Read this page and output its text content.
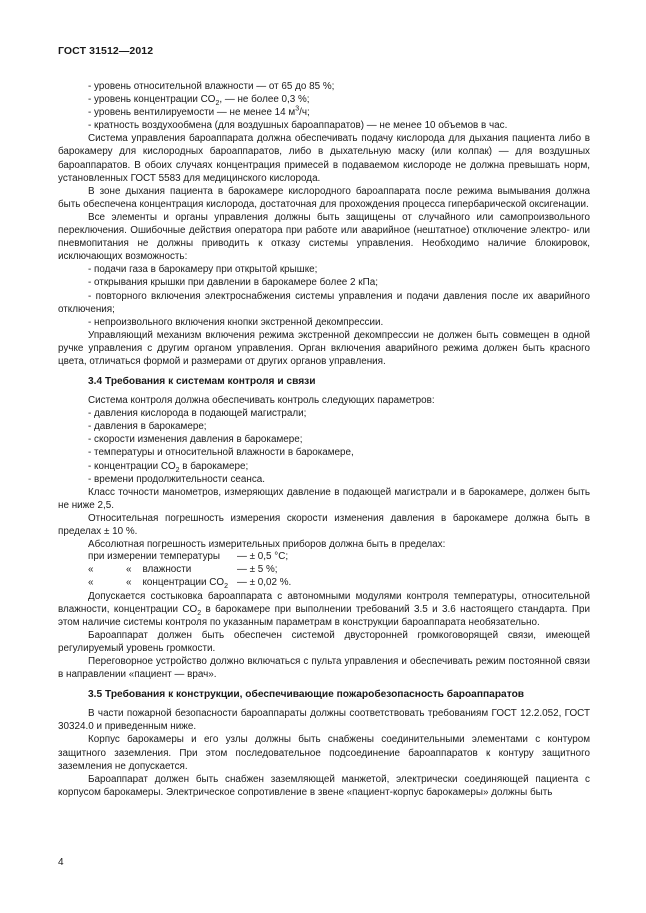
ГОСТ 31512—2012

- уровень относительной влажности — от 65 до 85 %;

- уровень концентрации $CO_2$, — не более 0,3 %;

- уровень вентилируемости — не менее 14 $м^3/ч$;

- кратность воздухообмена (для воздушных бароаппаратов) — не менее 10 объемов в час.

Система управления бароаппарата должна обеспечивать подачу кислорода для дыхания пациента либо в барокамеру для кислородных бароаппаратов, либо в дыхательную маску (или колпак) — для воздушных бароаппаратов. В обоих случаях концентрация примесей в подаваемом кислороде не должна превышать норм, установленных ГОСТ 5583 для медицинского кислорода.

В зоне дыхания пациента в барокамере кислородного бароаппарата после режима вымывания должна быть обеспечена концентрация кислорода, достаточная для прохождения процесса гипербарической оксигенации.

Все элементы и органы управления должны быть защищены от случайного или самопроизвольного переключения. Ошибочные действия оператора при работе или аварийное (нештатное) отключение электро- или пневмопитания не должны приводить к отказу системы управления. Необходимо наличие блокировок, исключающих возможность:

- подачи газа в барокамеру при открытой крышке;

- открывания крышки при давлении в барокамере более 2 кПа;

- повторного включения электроснабжения системы управления и подачи давления после их аварийного отключения;

- непроизвольного включения кнопки экстренной декомпрессии.

Управляющий механизм включения режима экстренной декомпрессии не должен быть совмещен в одной ручке управления с другим органом управления. Орган включения аварийного режима должен быть красного цвета, отличаться формой и размерами от других органов управления.

3.4 Требования к системам контроля и связи

Система контроля должна обеспечивать контроль следующих параметров:

- давления кислорода в подающей магистрали;

- давления в барокамере;

- скорости изменения давления в барокамере;

- температуры и относительной влажности в барокамере,

- концентрации $CO_2$ в барокамере;

- времени продолжительности сеанса.

Класс точности манометров, измеряющих давление в подающей магистрали и в барокамере, должен быть не ниже 2,5.

Относительная погрешность измерения скорости изменения давления в барокамере должна быть в пределах ± 10 %.

Абсолютная погрешность измерительных приборов должна быть в пределах:

при измерении температуры		— ± 0,5 °С;
«	«    влажности	— ± 5 %;
«	«    концентрации $CO_2$	— ± 0,02 %.

Допускается состыковка бароаппарата с автономными модулями контроля температуры, относительной влажности, концентрации $CO_2$ в барокамере при выполнении требований 3.5 и 3.6 настоящего стандарта. При этом наличие системы контроля по указанным параметрам в конструкции бароаппарата необязательно.

Бароаппарат должен быть обеспечен системой двусторонней громкоговорящей связи, имеющей регулируемый уровень громкости.

Переговорное устройство должно включаться с пульта управления и обеспечивать режим постоянной связи в направлении «пациент — врач».

3.5 Требования к конструкции, обеспечивающие пожаробезопасность бароаппаратов

В части пожарной безопасности бароаппараты должны соответствовать требованиям ГОСТ 12.2.052, ГОСТ 30324.0 и приведенным ниже.

Корпус барокамеры и его узлы должны быть снабжены соединительными элементами с контуром защитного заземления. При этом последовательное подсоединение бароаппаратов к контуру защитного заземления не допускается.

Бароаппарат должен быть снабжен заземляющей манжетой, электрически соединяющей пациента с корпусом барокамеры. Электрическое сопротивление в звене «пациент-корпус барокамеры» должны быть

4
